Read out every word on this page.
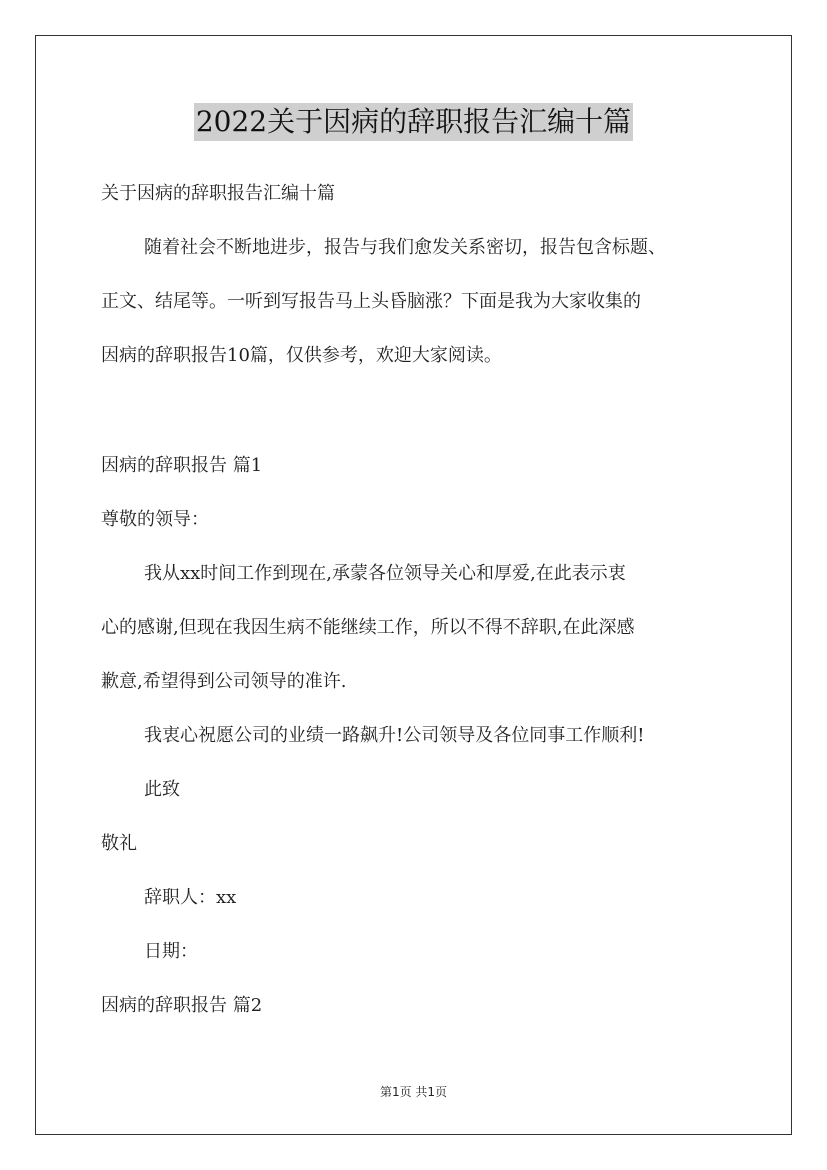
2022关于因病的辞职报告汇编十篇
关于因病的辞职报告汇编十篇
随着社会不断地进步，报告与我们愈发关系密切，报告包含标题、
正文、结尾等。一听到写报告马上头昏脑涨？下面是我为大家收集的
因病的辞职报告10篇，仅供参考，欢迎大家阅读。
因病的辞职报告 篇1
尊敬的领导：
我从xx时间工作到现在,承蒙各位领导关心和厚爱,在此表示衷
心的感谢,但现在我因生病不能继续工作，所以不得不辞职,在此深感
歉意,希望得到公司领导的准许.
我衷心祝愿公司的业绩一路飙升!公司领导及各位同事工作顺利!
此致
敬礼
辞职人：xx
日期：
因病的辞职报告 篇2
第1页 共1页
